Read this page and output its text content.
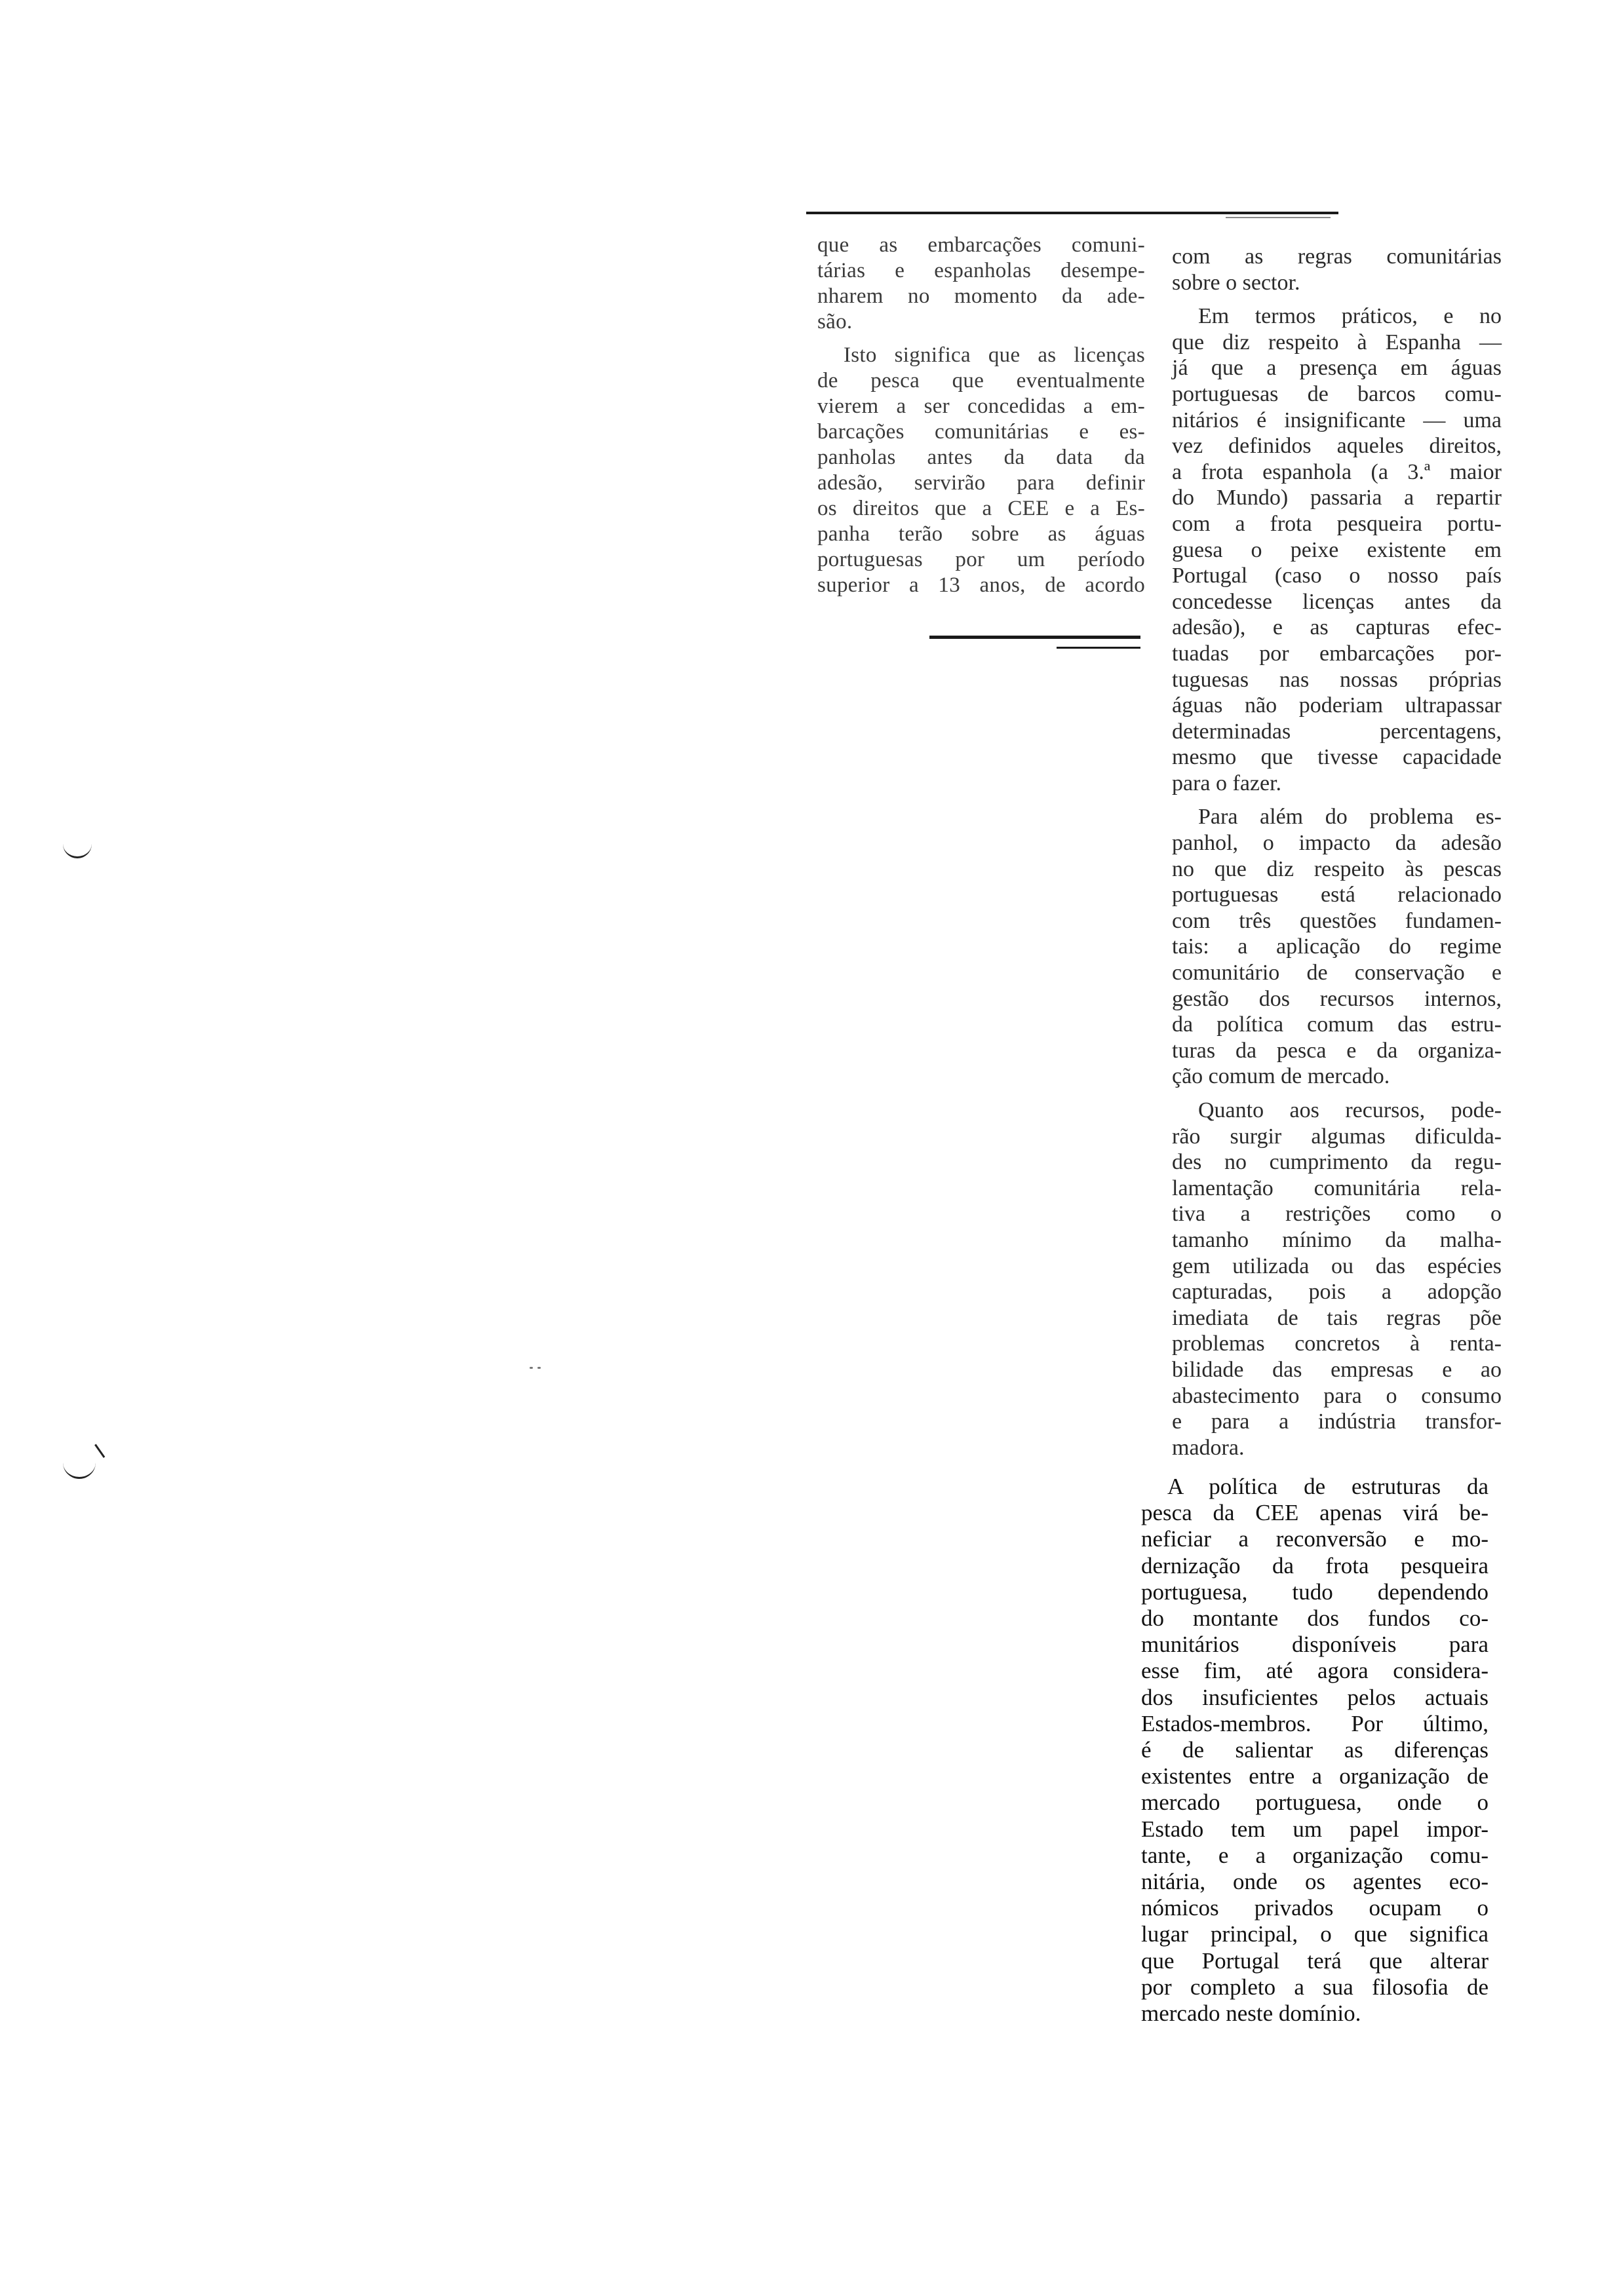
que as embarcações comuni-
tárias e espanholas desempe-
nharem no momento da ade-
são.

Isto significa que as licenças
de pesca que eventualmente
vierem a ser concedidas a em-
barcações comunitárias e es-
panholas antes da data da
adesão, servirão para definir
os direitos que a CEE e a Es-
panha terão sobre as águas
portuguesas por um período
superior a 13 anos, de acordo

com as regras comunitárias
sobre o sector.

Em termos práticos, e no
que diz respeito à Espanha —
já que a presença em águas
portuguesas de barcos comu-
nitários é insignificante — uma
vez definidos aqueles direitos,
a frota espanhola (a 3.ª maior
do Mundo) passaria a repartir
com a frota pesqueira portu-
guesa o peixe existente em
Portugal (caso o nosso país
concedesse licenças antes da
adesão), e as capturas efec-
tuadas por embarcações por-
tuguesas nas nossas próprias
águas não poderiam ultrapassar
determinadas percentagens,
mesmo que tivesse capacidade
para o fazer.

Para além do problema es-
panhol, o impacto da adesão
no que diz respeito às pescas
portuguesas está relacionado
com três questões fundamen-
tais: a aplicação do regime
comunitário de conservação e
gestão dos recursos internos,
da política comum das estru-
turas da pesca e da organiza-
ção comum de mercado.

Quanto aos recursos, pode-
rão surgir algumas dificulda-
des no cumprimento da regu-
lamentação comunitária rela-
tiva a restrições como o
tamanho mínimo da malha-
gem utilizada ou das espécies
capturadas, pois a adopção
imediata de tais regras põe
problemas concretos à renta-
bilidade das empresas e ao
abastecimento para o consumo
e para a indústria transfor-
madora.

A política de estruturas da
pesca da CEE apenas virá be-
neficiar a reconversão e mo-
dernização da frota pesqueira
portuguesa, tudo dependendo
do montante dos fundos co-
munitários disponíveis para
esse fim, até agora considera-
dos insuficientes pelos actuais
Estados-membros. Por último,
é de salientar as diferenças
existentes entre a organização de
mercado portuguesa, onde o
Estado tem um papel impor-
tante, e a organização comu-
nitária, onde os agentes eco-
nómicos privados ocupam o
lugar principal, o que significa
que Portugal terá que alterar
por completo a sua filosofia de
mercado neste domínio.
